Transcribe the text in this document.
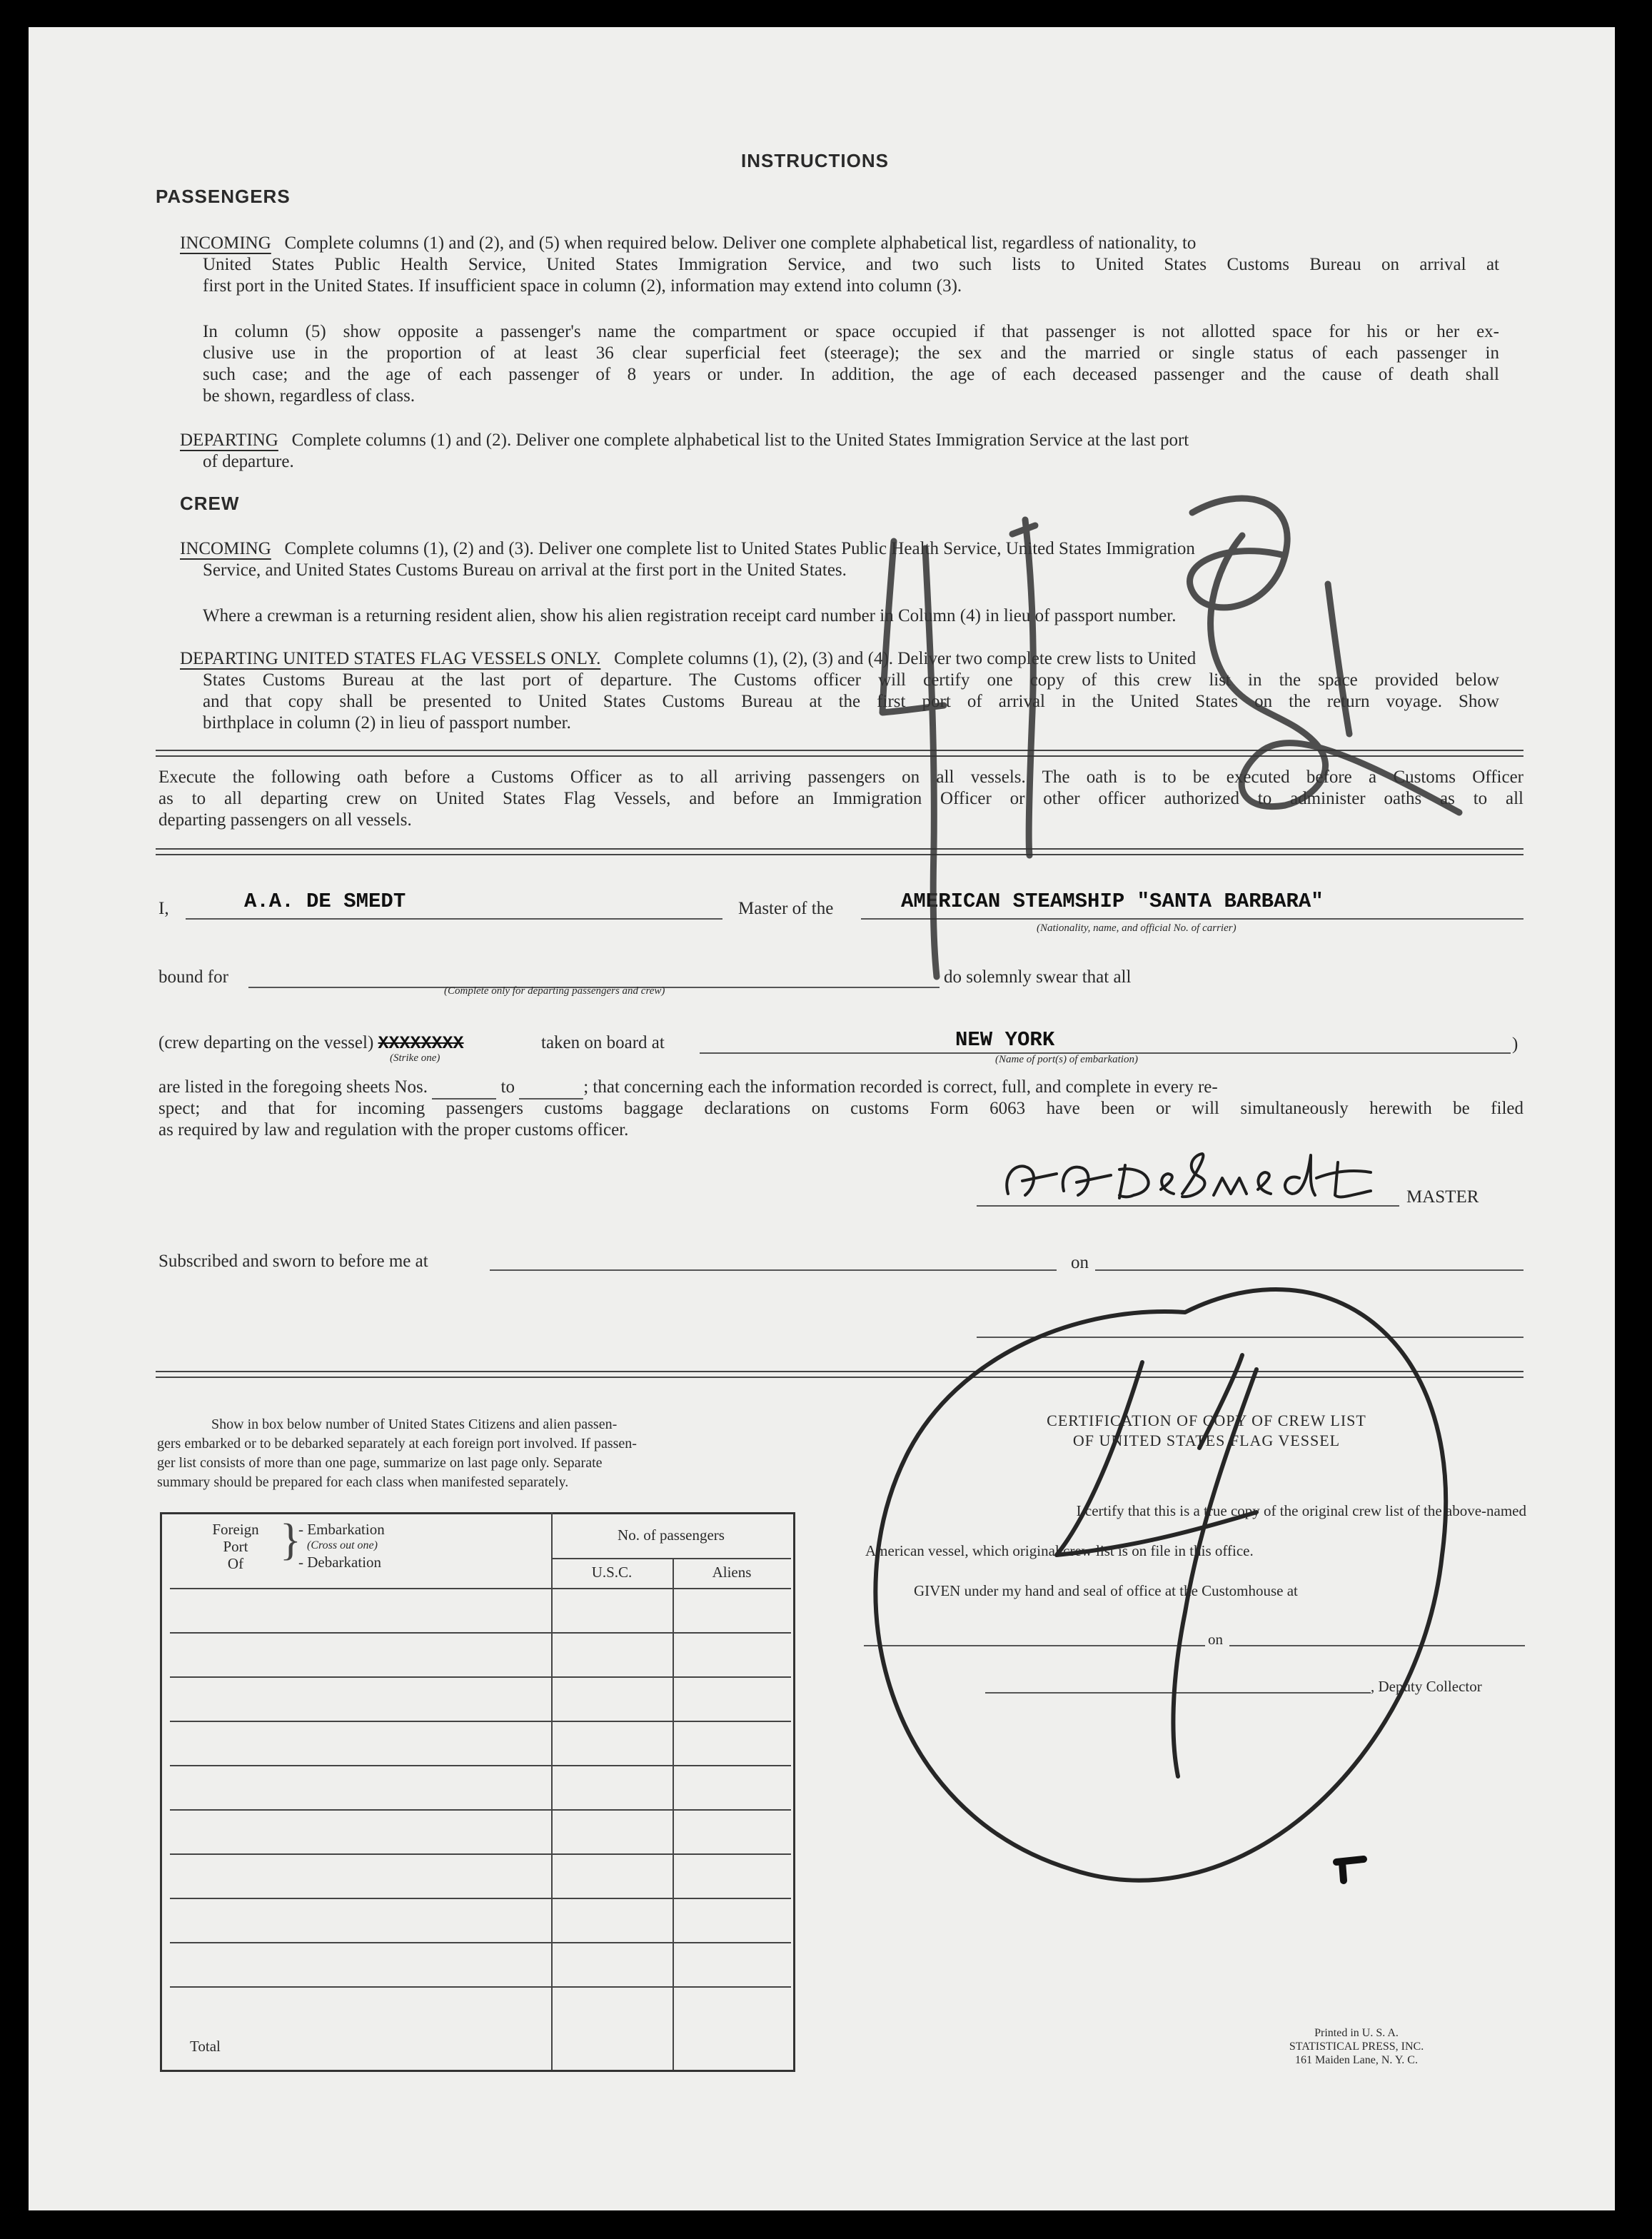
INSTRUCTIONS
PASSENGERS
INCOMING Complete columns (1) and (2), and (5) when required below. Deliver one complete alphabetical list, regardless of nationality, to
United States Public Health Service, United States Immigration Service, and two such lists to United States Customs Bureau on arrival at
first port in the United States. If insufficient space in column (2), information may extend into column (3).
In column (5) show opposite a passenger's name the compartment or space occupied if that passenger is not allotted space for his or her ex-
clusive use in the proportion of at least 36 clear superficial feet (steerage); the sex and the married or single status of each passenger in
such case; and the age of each passenger of 8 years or under. In addition, the age of each deceased passenger and the cause of death shall
be shown, regardless of class.
DEPARTING Complete columns (1) and (2). Deliver one complete alphabetical list to the United States Immigration Service at the last port
of departure.
CREW
INCOMING Complete columns (1), (2) and (3). Deliver one complete list to United States Public Health Service, United States Immigration
Service, and United States Customs Bureau on arrival at the first port in the United States.
Where a crewman is a returning resident alien, show his alien registration receipt card number in Column (4) in lieu of passport number.
DEPARTING UNITED STATES FLAG VESSELS ONLY. Complete columns (1), (2), (3) and (4). Deliver two complete crew lists to United
States Customs Bureau at the last port of departure. The Customs officer will certify one copy of this crew list in the space provided below
and that copy shall be presented to United States Customs Bureau at the first port of arrival in the United States on the return voyage. Show
birthplace in column (2) in lieu of passport number.
Execute the following oath before a Customs Officer as to all arriving passengers on all vessels. The oath is to be executed before a Customs Officer
as to all departing crew on United States Flag Vessels, and before an Immigration Officer or other officer authorized to administer oaths as to all
departing passengers on all vessels.
I,	A.A. DE SMEDT	Master of the	AMERICAN STEAMSHIP "SANTA BARBARA"
(Nationality, name, and official No. of carrier)
bound for
(Complete only for departing passengers and crew)
do solemnly swear that all
(crew departing on the vessel) XXXXXXXX
(Strike one)
taken on board at	NEW YORK
(Name of port(s) of embarkation)
)
are listed in the foregoing sheets Nos.	to	; that concerning each the information recorded is correct, full, and complete in every re-
spect; and that for incoming passengers customs baggage declarations on customs Form 6063 have been or will simultaneously herewith be filed
as required by law and regulation with the proper customs officer.
MASTER
Subscribed and sworn to before me at	on
Show in box below number of United States Citizens and alien passen-
gers embarked or to be debarked separately at each foreign port involved. If passen-
ger list consists of more than one page, summarize on last page only. Separate
summary should be prepared for each class when manifested separately.
Foreign
Port
Of }
- Embarkation
(Cross out one)
- Debarkation
No. of passengers
U.S.C.	Aliens
Total
CERTIFICATION OF COPY OF CREW LIST
OF UNITED STATES FLAG VESSEL
I certify that this is a true copy of the original crew list of the above-named
American vessel, which original crew list is on file in this office.
GIVEN under my hand and seal of office at the Customhouse at
on
, Deputy Collector
Printed in U. S. A.
STATISTICAL PRESS, INC.
161 Maiden Lane, N. Y. C.
